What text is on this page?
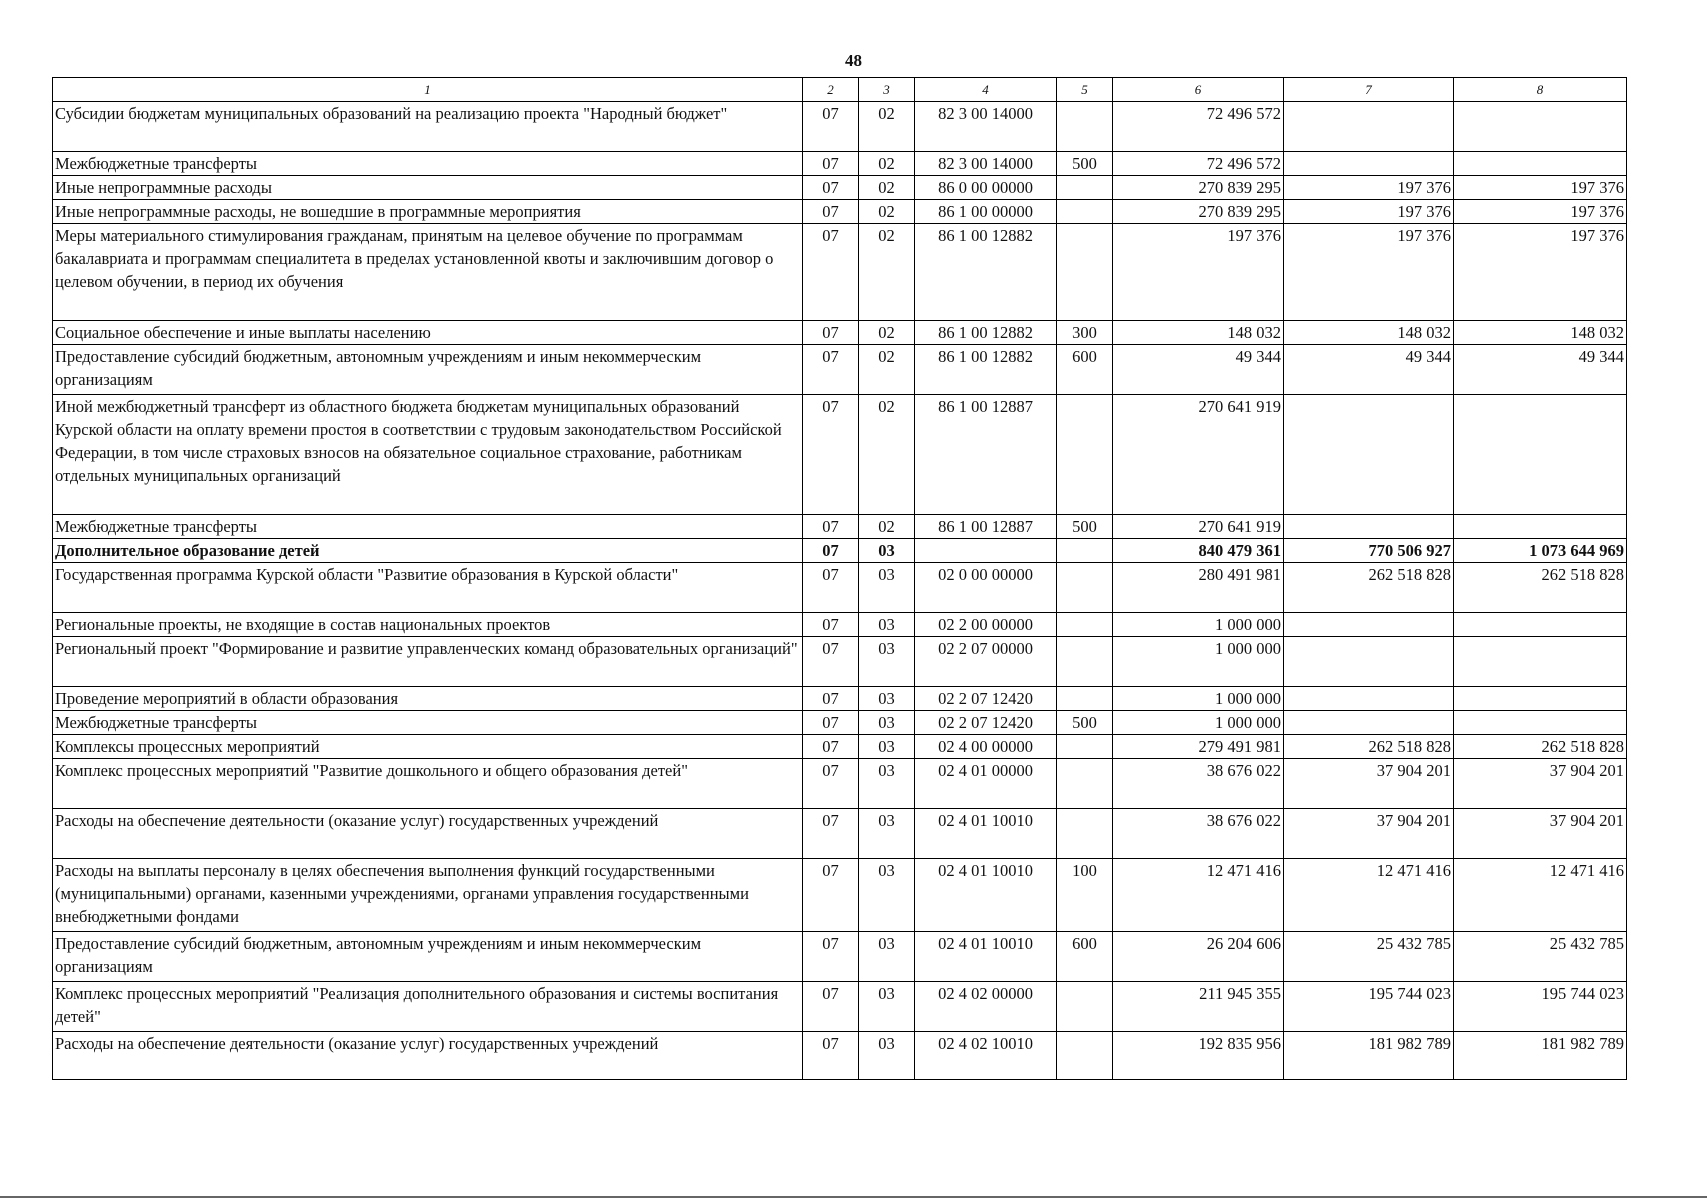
48
1	2	3	4	5	6	7	8
Субсидии бюджетам муниципальных образований на реализацию проекта "Народный бюджет"	07	02	82 3 00 14000		72 496 572		
Межбюджетные трансферты	07	02	82 3 00 14000	500	72 496 572		
Иные непрограммные расходы	07	02	86 0 00 00000		270 839 295	197 376	197 376
Иные непрограммные расходы, не вошедшие в программные мероприятия	07	02	86 1 00 00000		270 839 295	197 376	197 376
Меры материального стимулирования гражданам, принятым на целевое обучение по программам бакалавриата и программам специалитета в пределах установленной квоты и заключившим договор о целевом обучении, в период их обучения	07	02	86 1 00 12882		197 376	197 376	197 376
Социальное обеспечение и иные выплаты населению	07	02	86 1 00 12882	300	148 032	148 032	148 032
Предоставление субсидий бюджетным, автономным учреждениям и иным некоммерческим организациям	07	02	86 1 00 12882	600	49 344	49 344	49 344
Иной межбюджетный трансферт из областного бюджета бюджетам муниципальных образований Курской области на оплату времени простоя в соответствии с трудовым законодательством Российской Федерации, в том числе страховых взносов на обязательное социальное страхование, работникам отдельных муниципальных организаций	07	02	86 1 00 12887		270 641 919		
Межбюджетные трансферты	07	02	86 1 00 12887	500	270 641 919		
Дополнительное образование детей	07	03			840 479 361	770 506 927	1 073 644 969
Государственная программа Курской области "Развитие образования в Курской области"	07	03	02 0 00 00000		280 491 981	262 518 828	262 518 828
Региональные проекты, не входящие в состав национальных проектов	07	03	02 2 00 00000		1 000 000		
Региональный проект "Формирование и развитие управленческих команд образовательных организаций"	07	03	02 2 07 00000		1 000 000		
Проведение мероприятий в области образования	07	03	02 2 07 12420		1 000 000		
Межбюджетные трансферты	07	03	02 2 07 12420	500	1 000 000		
Комплексы процессных мероприятий	07	03	02 4 00 00000		279 491 981	262 518 828	262 518 828
Комплекс процессных мероприятий "Развитие дошкольного и общего образования детей"	07	03	02 4 01 00000		38 676 022	37 904 201	37 904 201
Расходы на обеспечение деятельности (оказание услуг) государственных учреждений	07	03	02 4 01 10010		38 676 022	37 904 201	37 904 201
Расходы на выплаты персоналу в целях обеспечения выполнения функций государственными (муниципальными) органами, казенными учреждениями, органами управления государственными внебюджетными фондами	07	03	02 4 01 10010	100	12 471 416	12 471 416	12 471 416
Предоставление субсидий бюджетным, автономным учреждениям и иным некоммерческим организациям	07	03	02 4 01 10010	600	26 204 606	25 432 785	25 432 785
Комплекс процессных мероприятий "Реализация дополнительного образования и системы воспитания детей"	07	03	02 4 02 00000		211 945 355	195 744 023	195 744 023
Расходы на обеспечение деятельности (оказание услуг) государственных учреждений	07	03	02 4 02 10010		192 835 956	181 982 789	181 982 789
